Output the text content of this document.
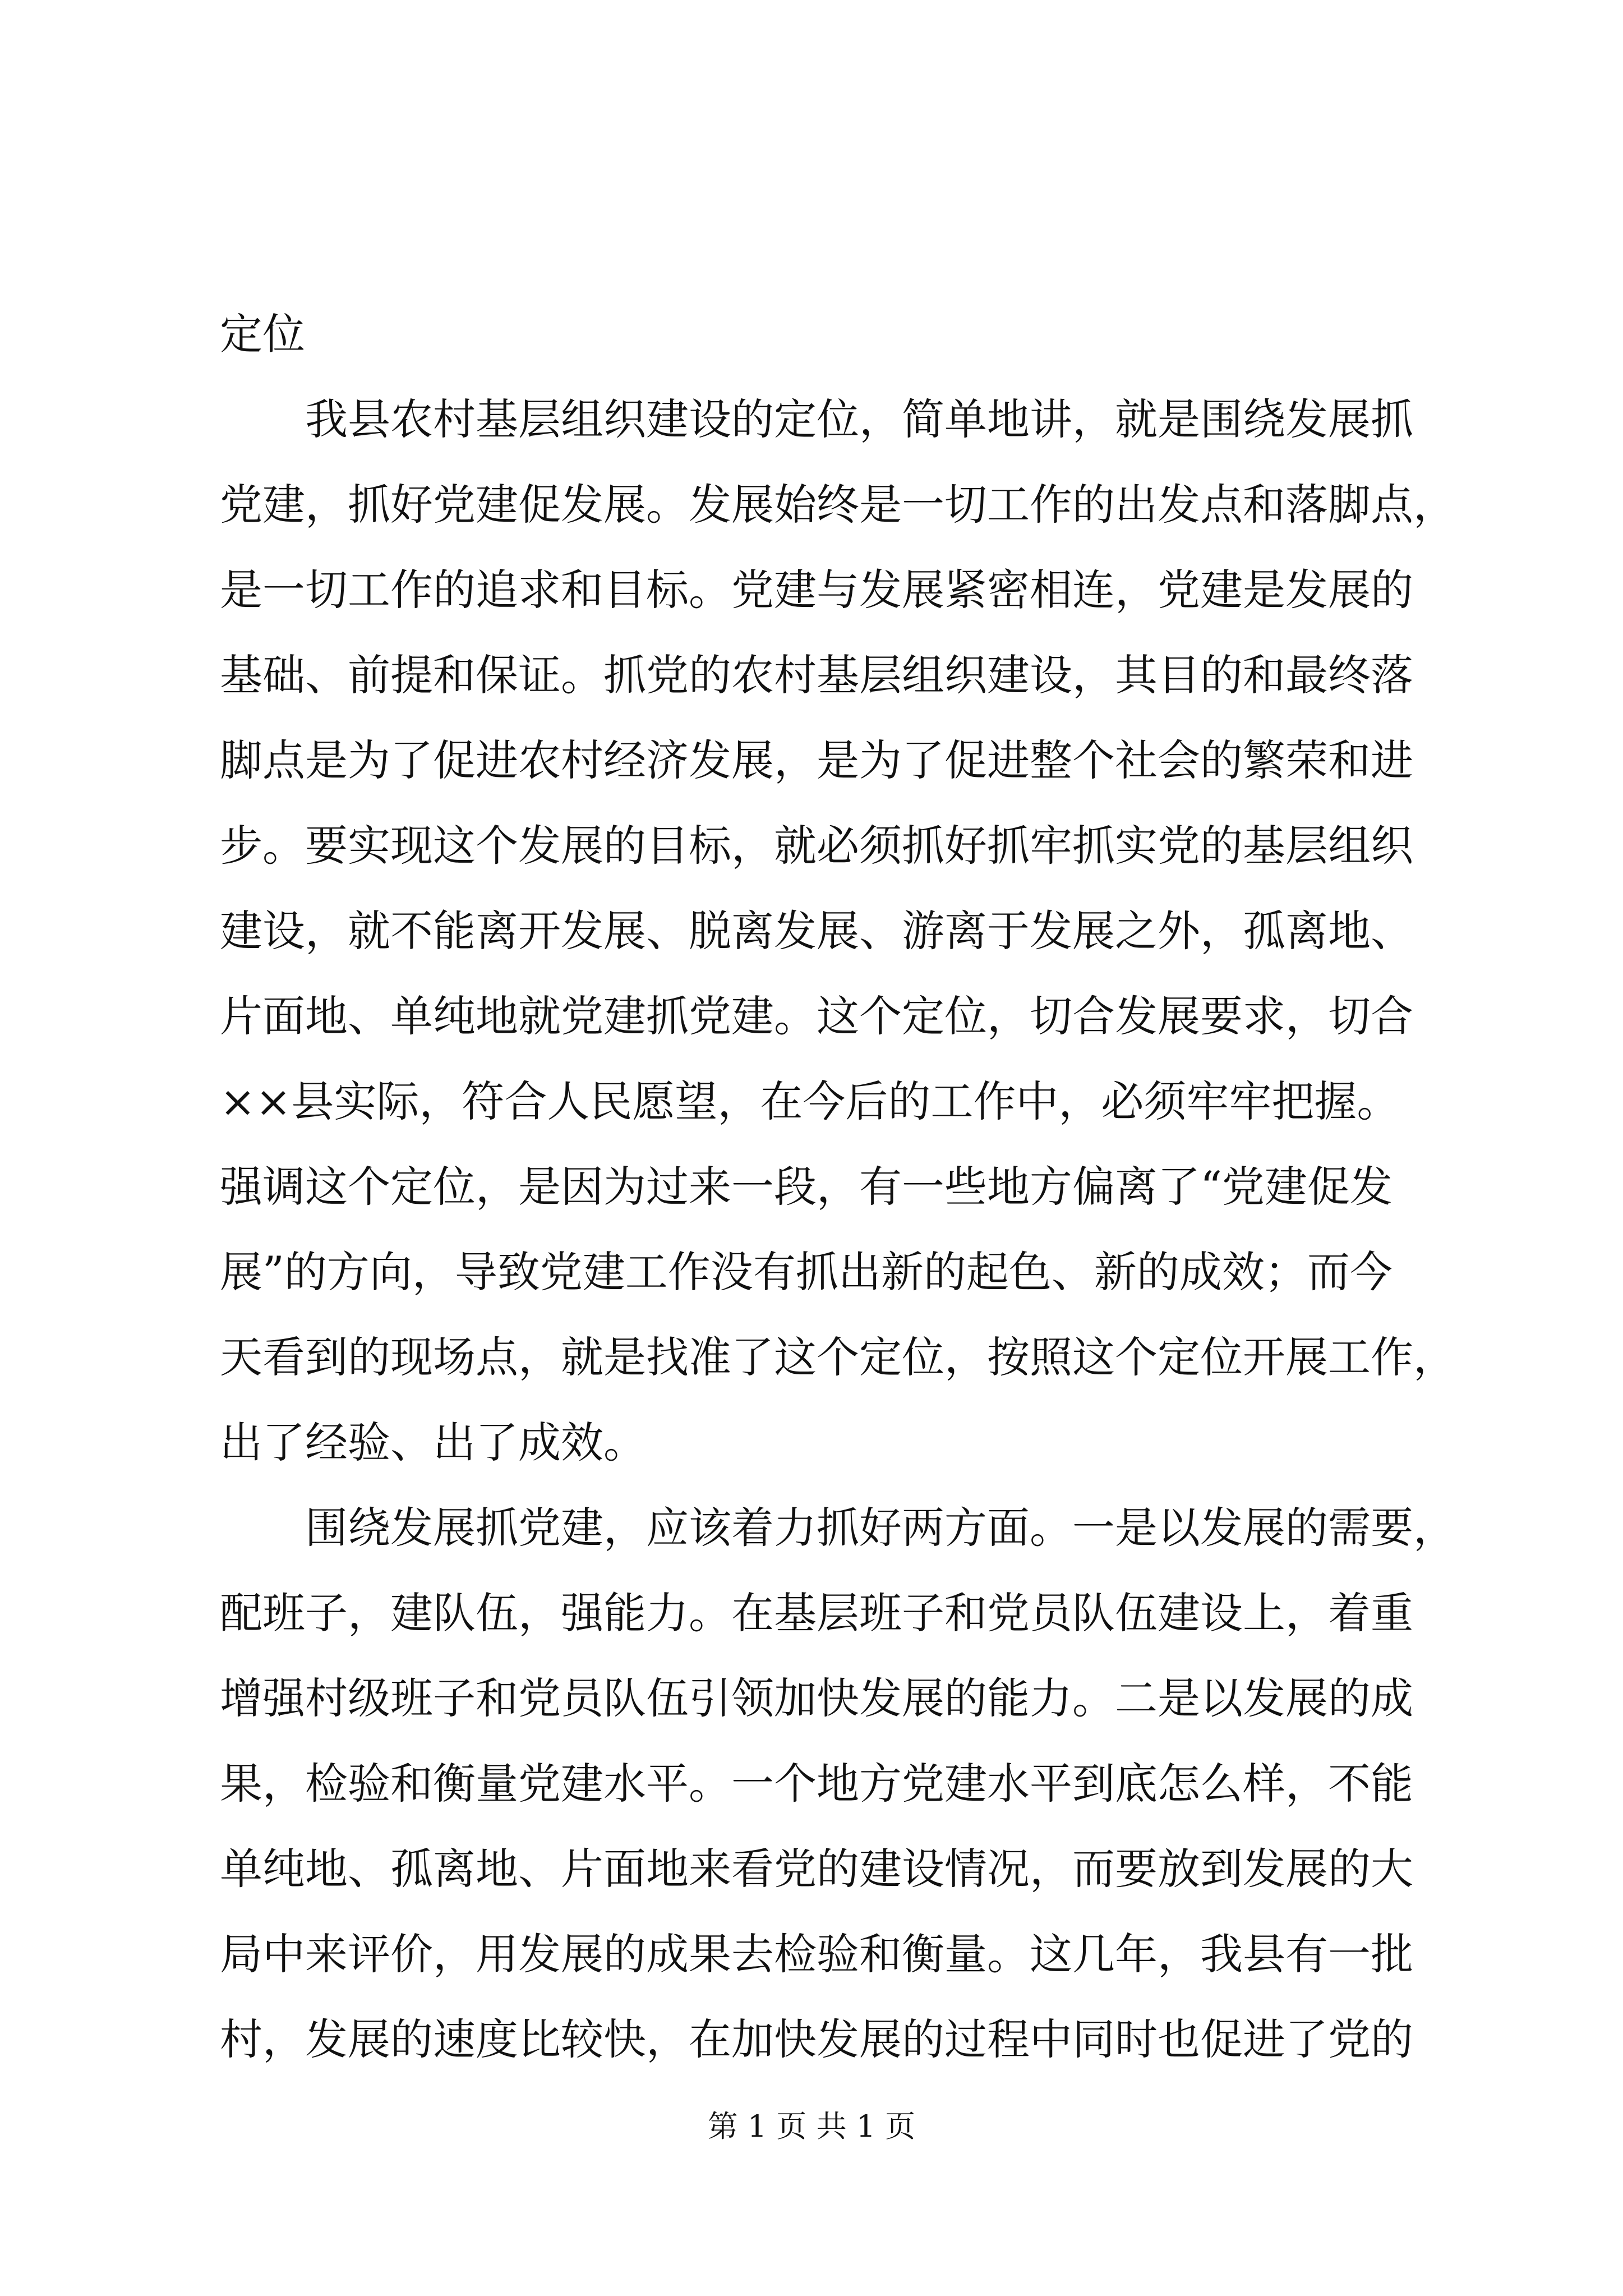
定位
我县农村基层组织建设的定位，简单地讲，就是围绕发展抓
党建，抓好党建促发展。发展始终是一切工作的出发点和落脚点，
是一切工作的追求和目标。党建与发展紧密相连，党建是发展的
基础、前提和保证。抓党的农村基层组织建设，其目的和最终落
脚点是为了促进农村经济发展，是为了促进整个社会的繁荣和进
步。要实现这个发展的目标，就必须抓好抓牢抓实党的基层组织
建设，就不能离开发展、脱离发展、游离于发展之外，孤离地、
片面地、单纯地就党建抓党建。这个定位，切合发展要求，切合
××县实际，符合人民愿望，在今后的工作中，必须牢牢把握。
强调这个定位，是因为过来一段，有一些地方偏离了“党建促发
展”的方向，导致党建工作没有抓出新的起色、新的成效；而今
天看到的现场点，就是找准了这个定位，按照这个定位开展工作，
出了经验、出了成效。
围绕发展抓党建，应该着力抓好两方面。一是以发展的需要，
配班子，建队伍，强能力。在基层班子和党员队伍建设上，着重
增强村级班子和党员队伍引领加快发展的能力。二是以发展的成
果，检验和衡量党建水平。一个地方党建水平到底怎么样，不能
单纯地、孤离地、片面地来看党的建设情况，而要放到发展的大
局中来评价，用发展的成果去检验和衡量。这几年，我县有一批
村，发展的速度比较快，在加快发展的过程中同时也促进了党的
第 1 页 共 1 页
